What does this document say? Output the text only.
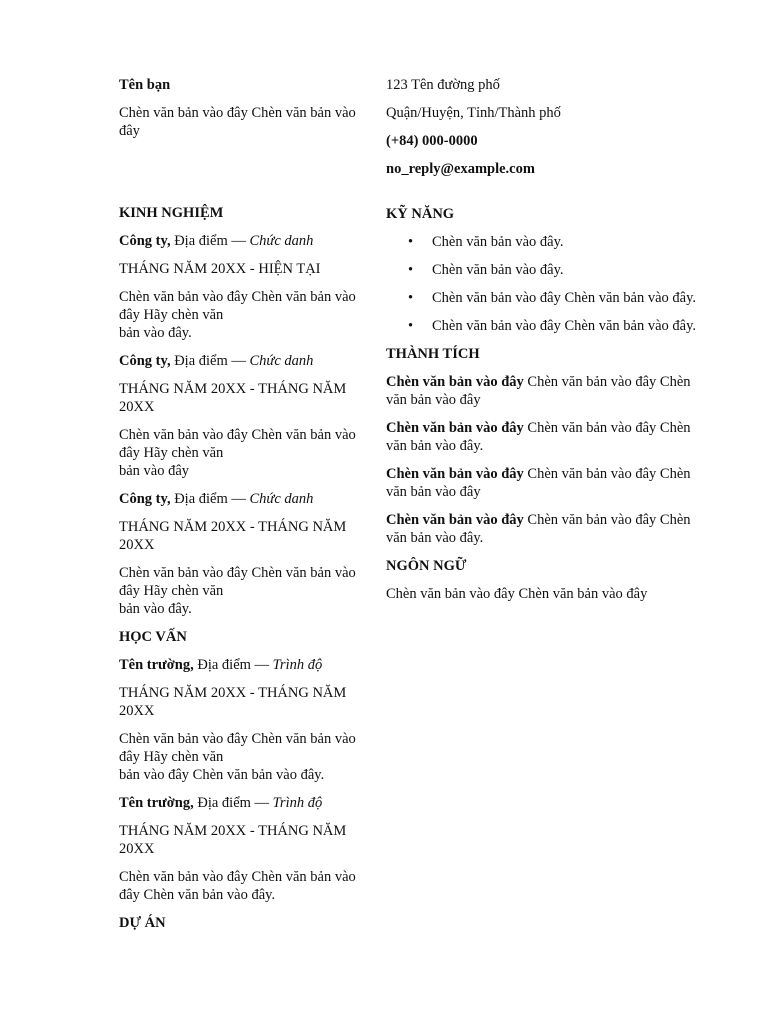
Tên bạn

Chèn văn bản vào đây Chèn văn bản vào đây

KINH NGHIỆM

Công ty, Địa điểm — Chức danh

THÁNG NĂM 20XX - HIỆN TẠI

Chèn văn bản vào đây Chèn văn bản vào đây Hãy chèn văn
bản vào đây.

Công ty, Địa điểm — Chức danh

THÁNG NĂM 20XX - THÁNG NĂM 20XX

Chèn văn bản vào đây Chèn văn bản vào đây Hãy chèn văn
bản vào đây

Công ty, Địa điểm — Chức danh

THÁNG NĂM 20XX - THÁNG NĂM 20XX

Chèn văn bản vào đây Chèn văn bản vào đây Hãy chèn văn
bản vào đây.

HỌC VẤN

Tên trường, Địa điểm — Trình độ

THÁNG NĂM 20XX - THÁNG NĂM 20XX

Chèn văn bản vào đây Chèn văn bản vào đây Hãy chèn văn
bản vào đây Chèn văn bản vào đây.

Tên trường, Địa điểm — Trình độ

THÁNG NĂM 20XX - THÁNG NĂM 20XX

Chèn văn bản vào đây Chèn văn bản vào đây Chèn văn bản vào đây.

DỰ ÁN

123 Tên đường phố

Quận/Huyện, Tỉnh/Thành phố

(+84) 000-0000

no_reply@example.com

KỸ NĂNG

• Chèn văn bản vào đây.
• Chèn văn bản vào đây.
• Chèn văn bản vào đây Chèn văn bản vào đây.
• Chèn văn bản vào đây Chèn văn bản vào đây.

THÀNH TÍCH

Chèn văn bản vào đây Chèn văn bản vào đây Chèn văn bản vào đây

Chèn văn bản vào đây Chèn văn bản vào đây Chèn văn bản vào đây.

Chèn văn bản vào đây Chèn văn bản vào đây Chèn văn bản vào đây

Chèn văn bản vào đây Chèn văn bản vào đây Chèn văn bản vào đây.

NGÔN NGỮ

Chèn văn bản vào đây Chèn văn bản vào đây
